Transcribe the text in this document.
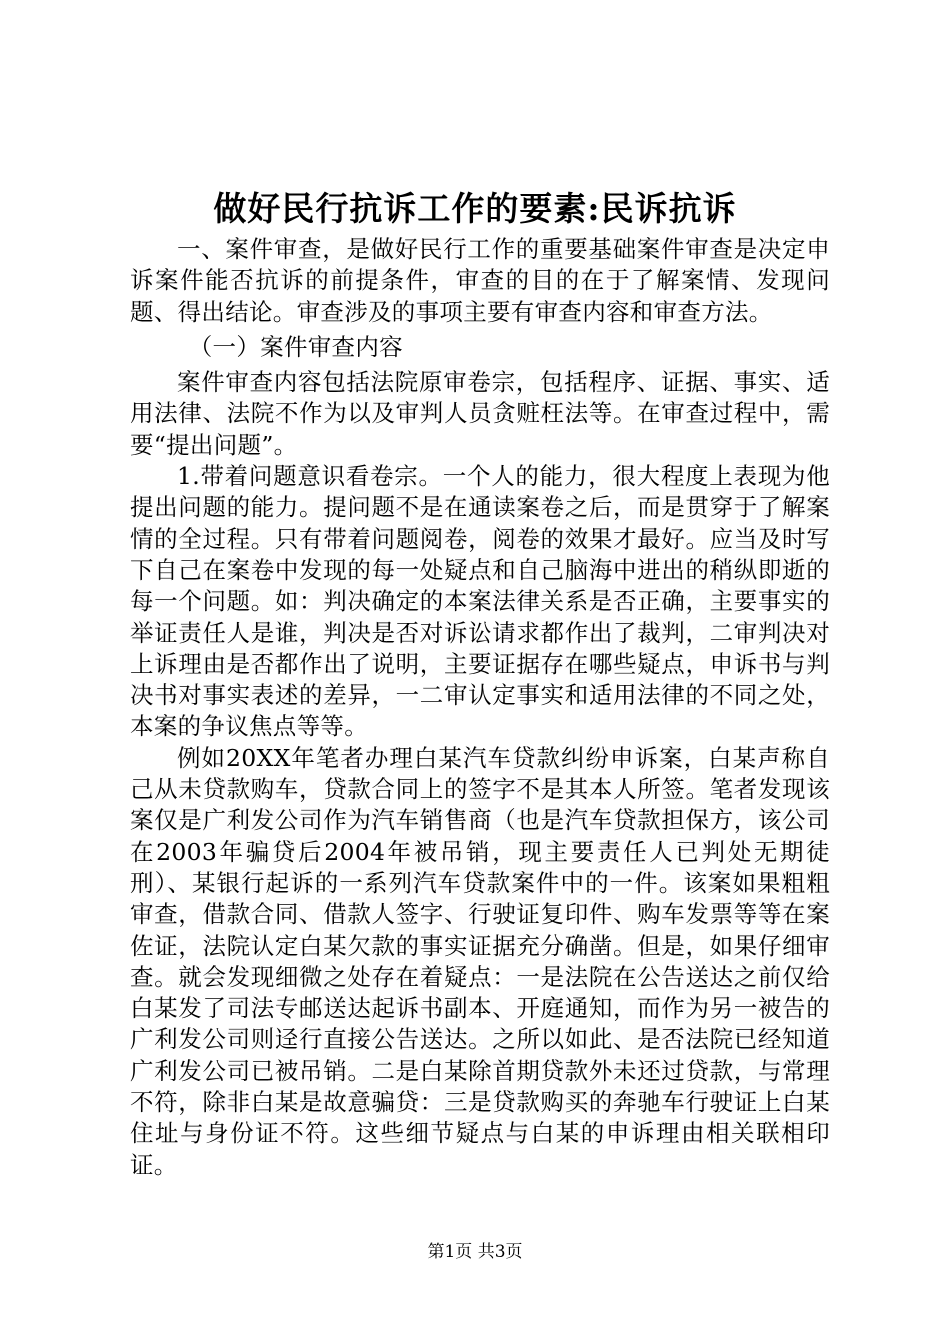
做好民行抗诉工作的要素:民诉抗诉

一、案件审查，是做好民行工作的重要基础案件审查是决定申诉案件能否抗诉的前提条件，审查的目的在于了解案情、发现问题、得出结论。审查涉及的事项主要有审查内容和审查方法。

（一）案件审查内容

案件审查内容包括法院原审卷宗，包括程序、证据、事实、适用法律、法院不作为以及审判人员贪赃枉法等。在审查过程中，需要“提出问题”。

1.带着问题意识看卷宗。一个人的能力，很大程度上表现为他提出问题的能力。提问题不是在通读案卷之后，而是贯穿于了解案情的全过程。只有带着问题阅卷，阅卷的效果才最好。应当及时写下自己在案卷中发现的每一处疑点和自己脑海中进出的稍纵即逝的每一个问题。如：判决确定的本案法律关系是否正确，主要事实的举证责任人是谁，判决是否对诉讼请求都作出了裁判，二审判决对上诉理由是否都作出了说明，主要证据存在哪些疑点，申诉书与判决书对事实表述的差异，一二审认定事实和适用法律的不同之处，本案的争议焦点等等。

例如20XX年笔者办理白某汽车贷款纠纷申诉案，白某声称自己从未贷款购车，贷款合同上的签字不是其本人所签。笔者发现该案仅是广利发公司作为汽车销售商（也是汽车贷款担保方，该公司在2003年骗贷后2004年被吊销，现主要责任人已判处无期徒刑）、某银行起诉的一系列汽车贷款案件中的一件。该案如果粗粗审查，借款合同、借款人签字、行驶证复印件、购车发票等等在案佐证，法院认定白某欠款的事实证据充分确凿。但是，如果仔细审查。就会发现细微之处存在着疑点：一是法院在公告送达之前仅给白某发了司法专邮送达起诉书副本、开庭通知，而作为另一被告的广利发公司则迳行直接公告送达。之所以如此、是否法院已经知道广利发公司已被吊销。二是白某除首期贷款外未还过贷款，与常理不符，除非白某是故意骗贷：三是贷款购买的奔驰车行驶证上白某住址与身份证不符。这些细节疑点与白某的申诉理由相关联相印证。

第1页 共3页
